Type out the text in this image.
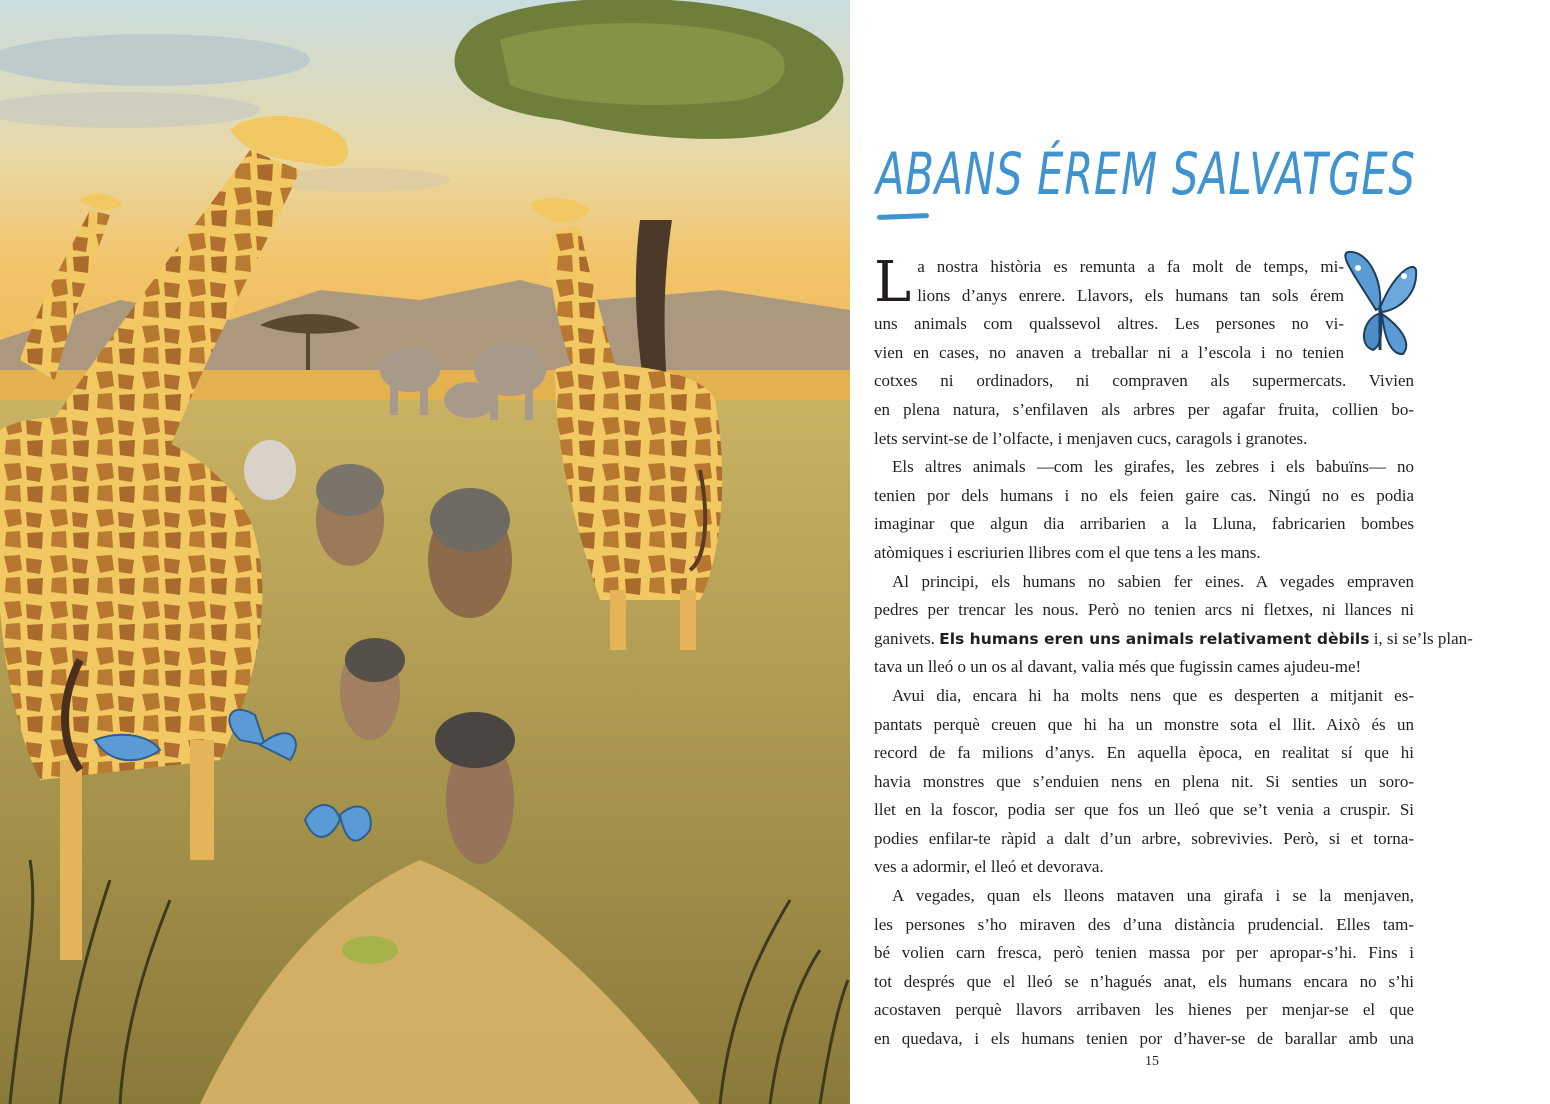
ABANS ÉREM SALVATGES

L a nostra història es remunta a fa molt de temps, mi-
lions d’anys enrere. Llavors, els humans tan sols érem
uns animals com qualssevol altres. Les persones no vi-
vien en cases, no anaven a treballar ni a l’escola i no tenien
cotxes ni ordinadors, ni compraven als supermercats. Vivien
en plena natura, s’enfilaven als arbres per agafar fruita, collien bo-
lets servint-se de l’olfacte, i menjaven cucs, caragols i granotes.

Els altres animals —com les girafes, les zebres i els babuïns— no
tenien por dels humans i no els feien gaire cas. Ningú no es podia
imaginar que algun dia arribarien a la Lluna, fabricarien bombes
atòmiques i escriurien llibres com el que tens a les mans.

Al principi, els humans no sabien fer eines. A vegades empraven
pedres per trencar les nous. Però no tenien arcs ni fletxes, ni llances ni
ganivets. Els humans eren uns animals relativament dèbils i, si se’ls plan-
tava un lleó o un os al davant, valia més que fugissin cames ajudeu-me!

Avui dia, encara hi ha molts nens que es desperten a mitjanit es-
pantats perquè creuen que hi ha un monstre sota el llit. Això és un
record de fa milions d’anys. En aquella època, en realitat sí que hi
havia monstres que s’enduien nens en plena nit. Si senties un soro-
llet en la foscor, podia ser que fos un lleó que se’t venia a cruspir. Si
podies enfilar-te ràpid a dalt d’un arbre, sobrevivies. Però, si et torna-
ves a adormir, el lleó et devorava.

A vegades, quan els lleons mataven una girafa i se la menjaven,
les persones s’ho miraven des d’una distància prudencial. Elles tam-
bé volien carn fresca, però tenien massa por per apropar-s’hi. Fins i
tot després que el lleó se n’hagués anat, els humans encara no s’hi
acostaven perquè llavors arribaven les hienes per menjar-se el que
en quedava, i els humans tenien por d’haver-se de barallar amb una

15
